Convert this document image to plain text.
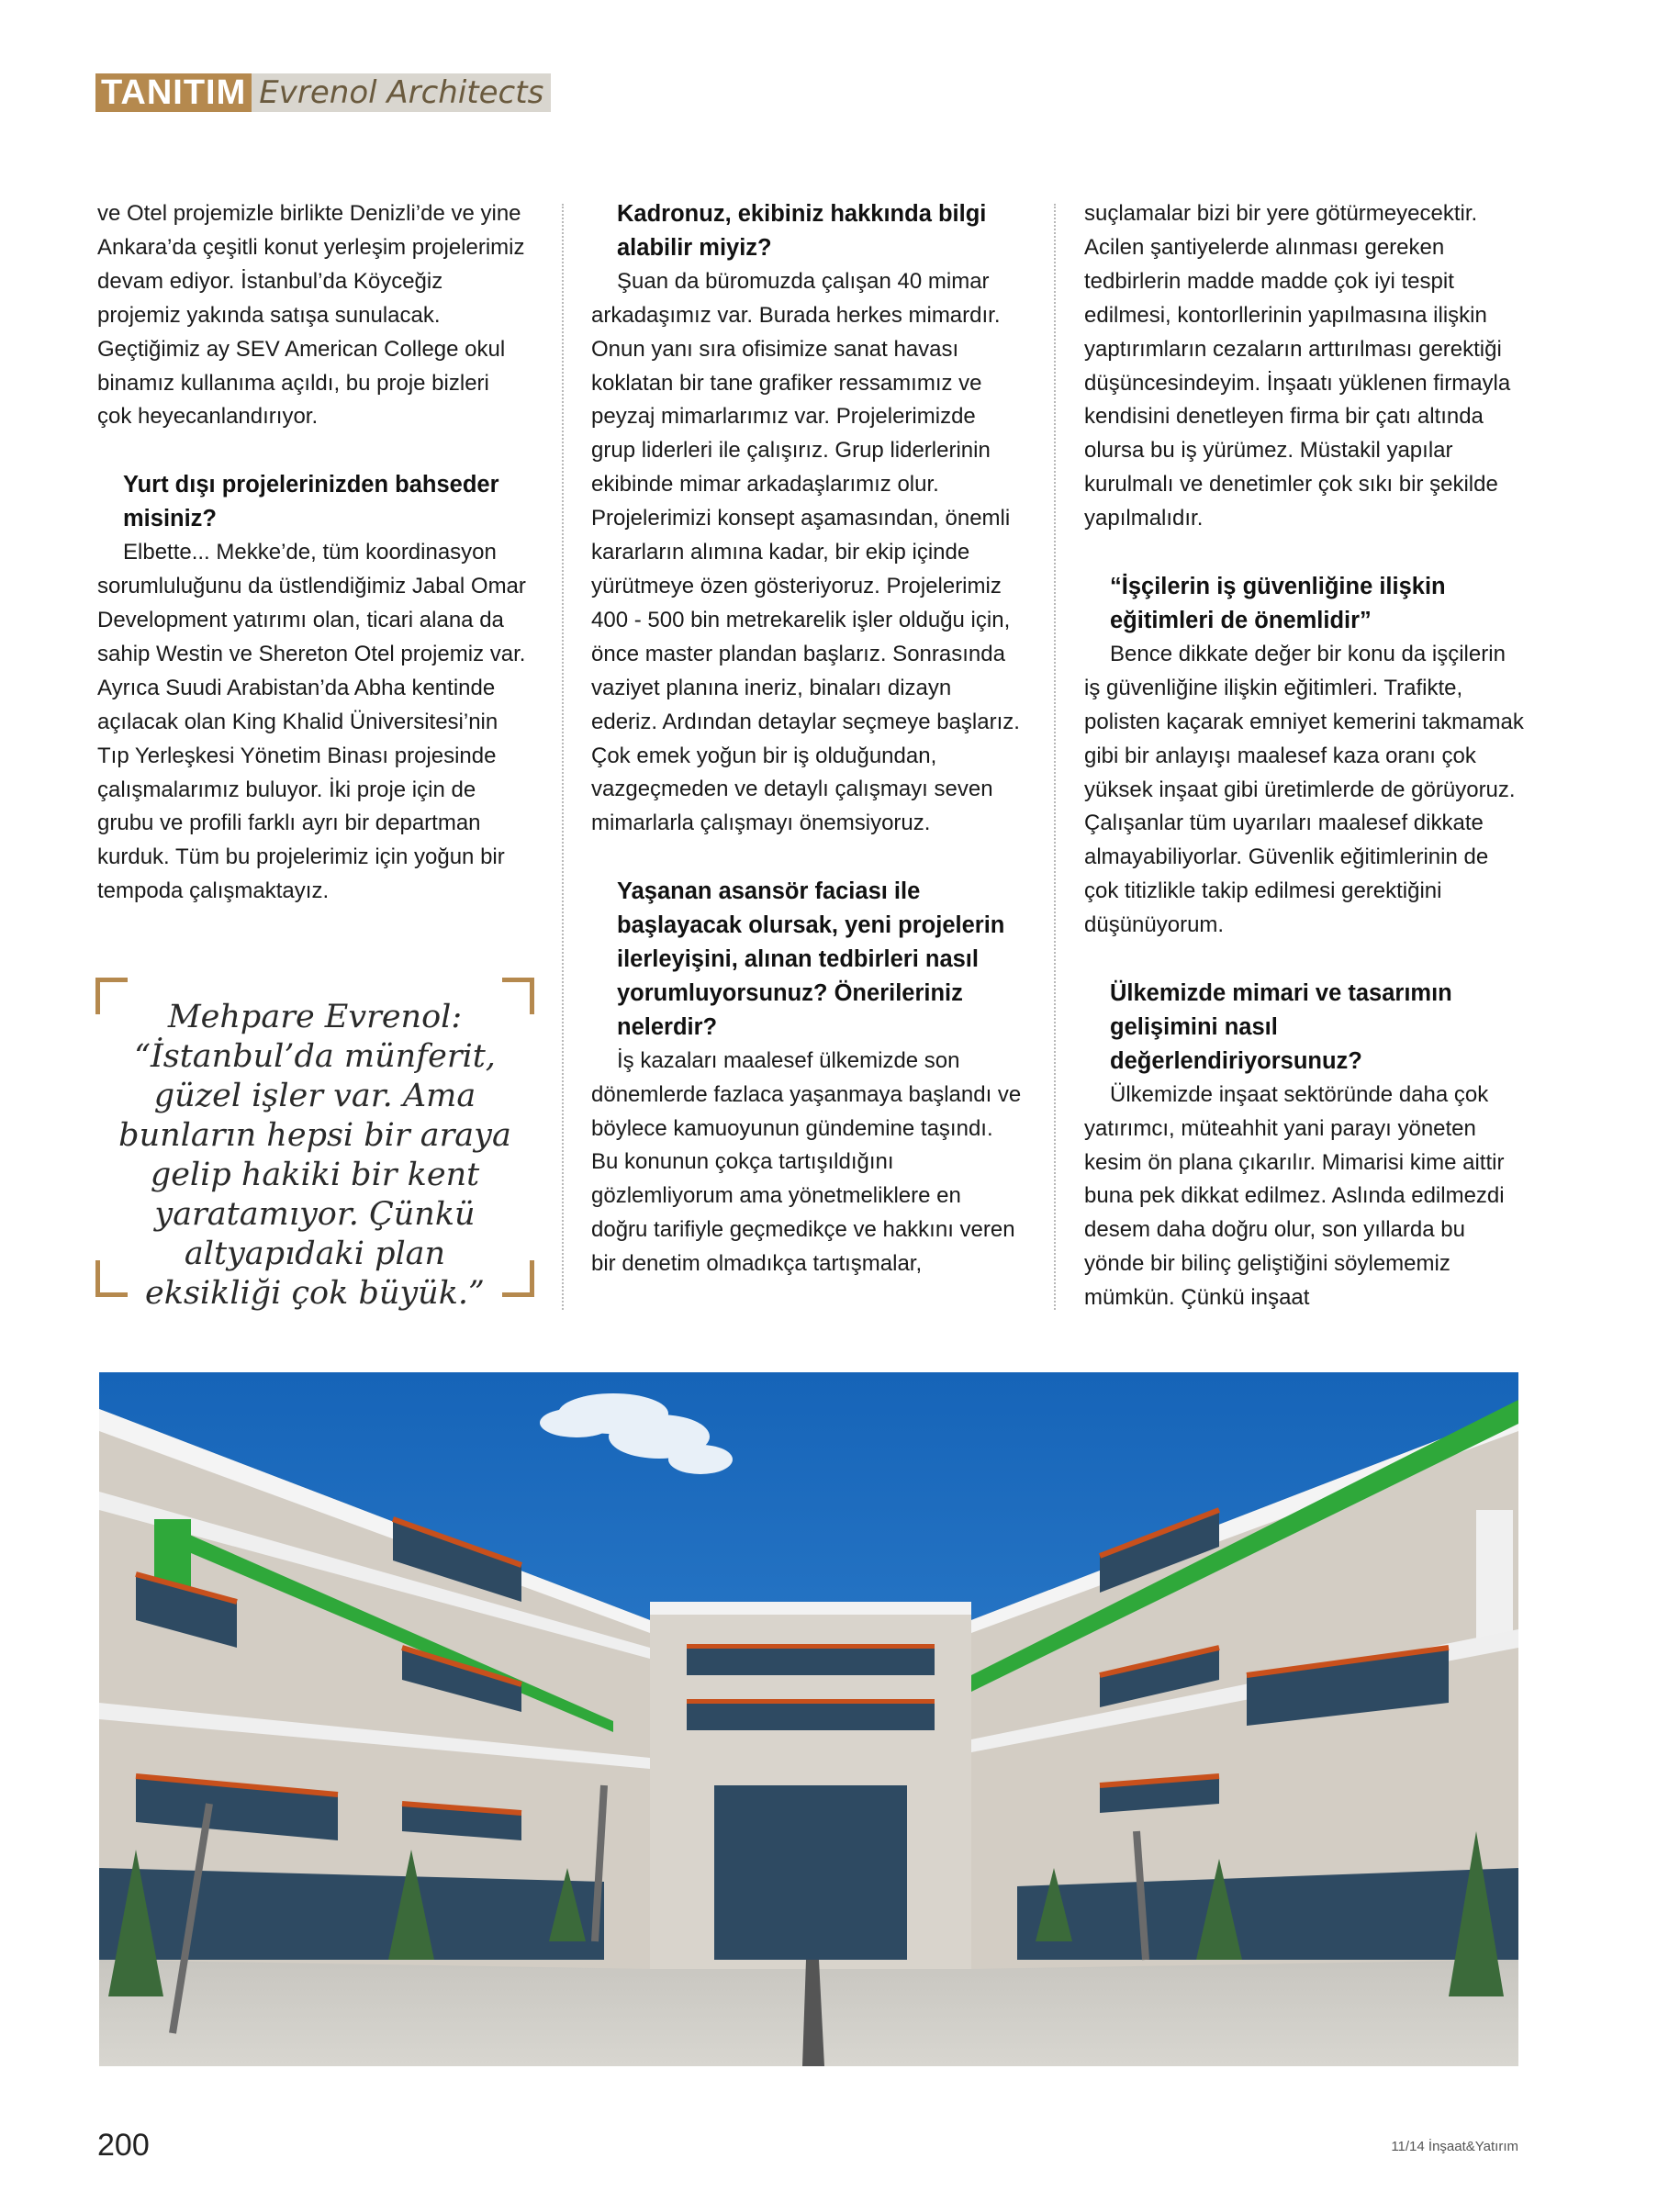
TANITIM Evrenol Architects

ve Otel projemizle birlikte Denizli’de ve yine Ankara’da çeşitli konut yerleşim projelerimiz devam ediyor. İstanbul’da Köyceğiz projemiz yakında satışa sunulacak. Geçtiğimiz ay SEV American College okul binamız kullanıma açıldı, bu proje bizleri çok heyecanlandırıyor.

Yurt dışı projelerinizden bahseder misiniz?

Elbette... Mekke’de, tüm koordinasyon sorumluluğunu da üstlendiğimiz Jabal Omar Development yatırımı olan, ticari alana da sahip Westin ve Shereton Otel projemiz var. Ayrıca Suudi Arabistan’da Abha kentinde açılacak olan King Khalid Üniversitesi’nin Tıp Yerleşkesi Yönetim Binası projesinde çalışmalarımız buluyor. İki proje için de grubu ve profili farklı ayrı bir departman kurduk. Tüm bu projelerimiz için yoğun bir tempoda çalışmaktayız.

Mehpare Evrenol: “İstanbul’da münferit, güzel işler var. Ama bunların hepsi bir araya gelip hakiki bir kent yaratamıyor. Çünkü altyapıdaki plan eksikliği çok büyük.”
Kadronuz, ekibiniz hakkında bilgi alabilir miyiz?

Şuan da büromuzda çalışan 40 mimar arkadaşımız var. Burada herkes mimardır. Onun yanı sıra ofisimize sanat havası koklatan bir tane grafiker ressamımız ve peyzaj mimarlarımız var. Projelerimizde grup liderleri ile çalışırız. Grup liderlerinin ekibinde mimar arkadaşlarımız olur. Projelerimizi konsept aşamasından, önemli kararların alımına kadar, bir ekip içinde yürütmeye özen gösteriyoruz. Projelerimiz 400 - 500 bin metrekarelik işler olduğu için, önce master plandan başlarız. Sonrasında vaziyet planına ineriz, binaları dizayn ederiz. Ardından detaylar seçmeye başlarız. Çok emek yoğun bir iş olduğundan, vazgeçmeden ve detaylı çalışmayı seven mimarlarla çalışmayı önemsiyoruz.

Yaşanan asansör faciası ile başlayacak olursak, yeni projelerin ilerleyişini, alınan tedbirleri nasıl yorumluyorsunuz? Önerileriniz nelerdir?

İş kazaları maalesef ülkemizde son dönemlerde fazlaca yaşanmaya başlandı ve böylece kamuoyunun gündemine taşındı. Bu konunun çokça tartışıldığını gözlemliyorum ama yönetmeliklere en doğru tarifiyle geçmedikçe ve hakkını veren bir denetim olmadıkça tartışmalar,

suçlamalar bizi bir yere götürmeyecektir. Acilen şantiyelerde alınması gereken tedbirlerin madde madde çok iyi tespit edilmesi, kontorllerinin yapılmasına ilişkin yaptırımların cezaların arttırılması gerektiği düşüncesindeyim. İnşaatı yüklenen firmayla kendisini denetleyen firma bir çatı altında olursa bu iş yürümez. Müstakil yapılar kurulmalı ve denetimler çok sıkı bir şekilde yapılmalıdır.

“İşçilerin iş güvenliğine ilişkin eğitimleri de önemlidir”

Bence dikkate değer bir konu da işçilerin iş güvenliğine ilişkin eğitimleri. Trafikte, polisten kaçarak emniyet kemerini takmamak gibi bir anlayışı maalesef kaza oranı çok yüksek inşaat gibi üretimlerde de görüyoruz. Çalışanlar tüm uyarıları maalesef dikkate almayabiliyorlar. Güvenlik eğitimlerinin de çok titizlikle takip edilmesi gerektiğini düşünüyorum.

Ülkemizde mimari ve tasarımın gelişimini nasıl değerlendiriyorsunuz?

Ülkemizde inşaat sektöründe daha çok yatırımcı, müteahhit yani parayı yöneten kesim ön plana çıkarılır. Mimarisi kime aittir buna pek dikkat edilmez. Aslında edilmezdi desem daha doğru olur, son yıllarda bu yönde bir bilinç geliştiğini söylememiz mümkün. Çünkü inşaat

200	11/14 İnşaat&Yatırım
